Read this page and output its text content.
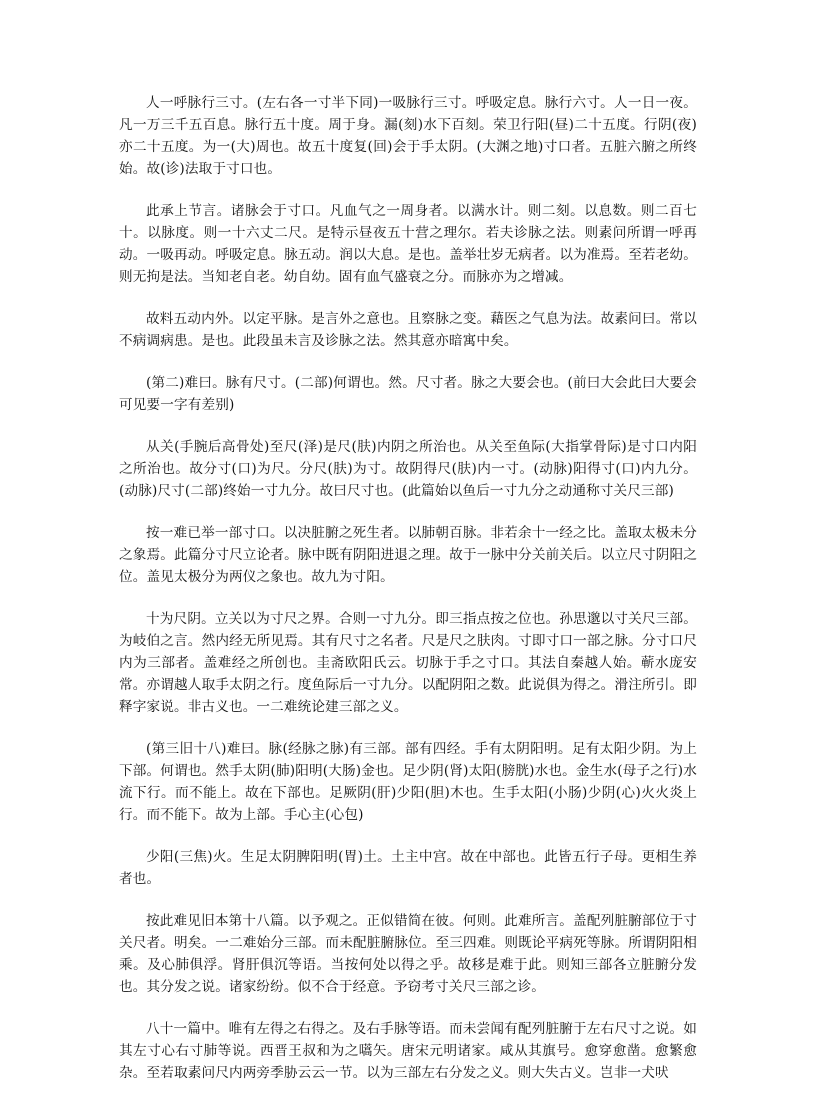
人一呼脉行三寸。(左右各一寸半下同)一吸脉行三寸。呼吸定息。脉行六寸。人一日一夜。凡一万三千五百息。脉行五十度。周于身。漏(刻)水下百刻。荣卫行阳(昼)二十五度。行阴(夜)亦二十五度。为一(大)周也。故五十度复(回)会于手太阴。(大渊之地)寸口者。五脏六腑之所终始。故(诊)法取于寸口也。

此承上节言。诸脉会于寸口。凡血气之一周身者。以满水计。则二刻。以息数。则二百七十。以脉度。则一十六丈二尺。是特示昼夜五十营之理尔。若夫诊脉之法。则素问所谓一呼再动。一吸再动。呼吸定息。脉五动。润以大息。是也。盖举壮岁无病者。以为准焉。至若老幼。则无拘是法。当知老自老。幼自幼。固有血气盛衰之分。而脉亦为之增减。

故料五动内外。以定平脉。是言外之意也。且察脉之变。藉医之气息为法。故素问曰。常以不病调病患。是也。此段虽未言及诊脉之法。然其意亦暗寓中矣。

(第二)难曰。脉有尺寸。(二部)何谓也。然。尺寸者。脉之大要会也。(前曰大会此曰大要会可见要一字有差别)

从关(手腕后高骨处)至尺(泽)是尺(肤)内阴之所治也。从关至鱼际(大指掌骨际)是寸口内阳之所治也。故分寸(口)为尺。分尺(肤)为寸。故阴得尺(肤)内一寸。(动脉)阳得寸(口)内九分。(动脉)尺寸(二部)终始一寸九分。故曰尺寸也。(此篇始以鱼后一寸九分之动通称寸关尺三部)

按一难已举一部寸口。以决脏腑之死生者。以肺朝百脉。非若余十一经之比。盖取太极未分之象焉。此篇分寸尺立论者。脉中既有阴阳进退之理。故于一脉中分关前关后。以立尺寸阴阳之位。盖见太极分为两仪之象也。故九为寸阳。

十为尺阴。立关以为寸尺之界。合则一寸九分。即三指点按之位也。孙思邈以寸关尺三部。为岐伯之言。然内经无所见焉。其有尺寸之名者。尺是尺之肤肉。寸即寸口一部之脉。分寸口尺内为三部者。盖难经之所创也。圭斋欧阳氏云。切脉于手之寸口。其法自秦越人始。蕲水庞安常。亦谓越人取手太阴之行。度鱼际后一寸九分。以配阴阳之数。此说俱为得之。滑注所引。即释字家说。非古义也。一二难统论建三部之义。

(第三旧十八)难曰。脉(经脉之脉)有三部。部有四经。手有太阴阳明。足有太阳少阴。为上下部。何谓也。然手太阴(肺)阳明(大肠)金也。足少阴(肾)太阳(膀胱)水也。金生水(母子之行)水流下行。而不能上。故在下部也。足厥阴(肝)少阳(胆)木也。生手太阳(小肠)少阴(心)火火炎上行。而不能下。故为上部。手心主(心包)

少阳(三焦)火。生足太阴脾阳明(胃)土。土主中宫。故在中部也。此皆五行子母。更相生养者也。

按此难见旧本第十八篇。以予观之。正似错简在彼。何则。此难所言。盖配列脏腑部位于寸关尺者。明矣。一二难始分三部。而未配脏腑脉位。至三四难。则既论平病死等脉。所谓阴阳相乘。及心肺俱浮。肾肝俱沉等语。当按何处以得之乎。故移是难于此。则知三部各立脏腑分发也。其分发之说。诸家纷纷。似不合于经意。予窃考寸关尺三部之诊。

八十一篇中。唯有左得之右得之。及右手脉等语。而未尝闻有配列脏腑于左右尺寸之说。如其左寸心右寸肺等说。西晋王叔和为之嚆矢。唐宋元明诸家。咸从其旗号。愈穿愈凿。愈繁愈杂。至若取素问尺内两旁季胁云云一节。以为三部左右分发之义。则大失古义。岂非一犬吠
